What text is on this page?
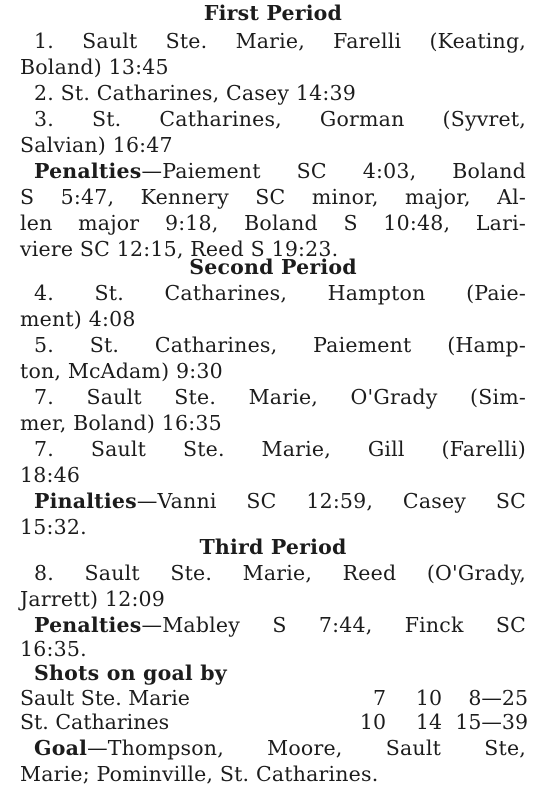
First Period
1. Sault Ste. Marie, Farelli (Keating,
Boland) 13:45
2. St. Catharines, Casey 14:39
3. St. Catharines, Gorman (Syvret,
Salvian) 16:47
Penalties—Paiement SC 4:03, Boland
S 5:47, Kennery SC minor, major, Al-
len major 9:18, Boland S 10:48, Lari-
viere SC 12:15, Reed S 19:23.
Second Period
4. St. Catharines, Hampton (Paie-
ment) 4:08
5. St. Catharines, Paiement (Hamp-
ton, McAdam) 9:30
7. Sault Ste. Marie, O'Grady (Sim-
mer, Boland) 16:35
7. Sault Ste. Marie, Gill (Farelli)
18:46
Pinalties—Vanni SC 12:59, Casey SC
15:32.
Third Period
8. Sault Ste. Marie, Reed (O'Grady,
Jarrett) 12:09
Penalties—Mabley S 7:44, Finck SC
16:35.
Shots on goal by
Sault Ste. Marie	7	10	8—25
St. Catharines	10	14 15—39
Goal—Thompson, Moore, Sault Ste,
Marie; Pominville, St. Catharines.
